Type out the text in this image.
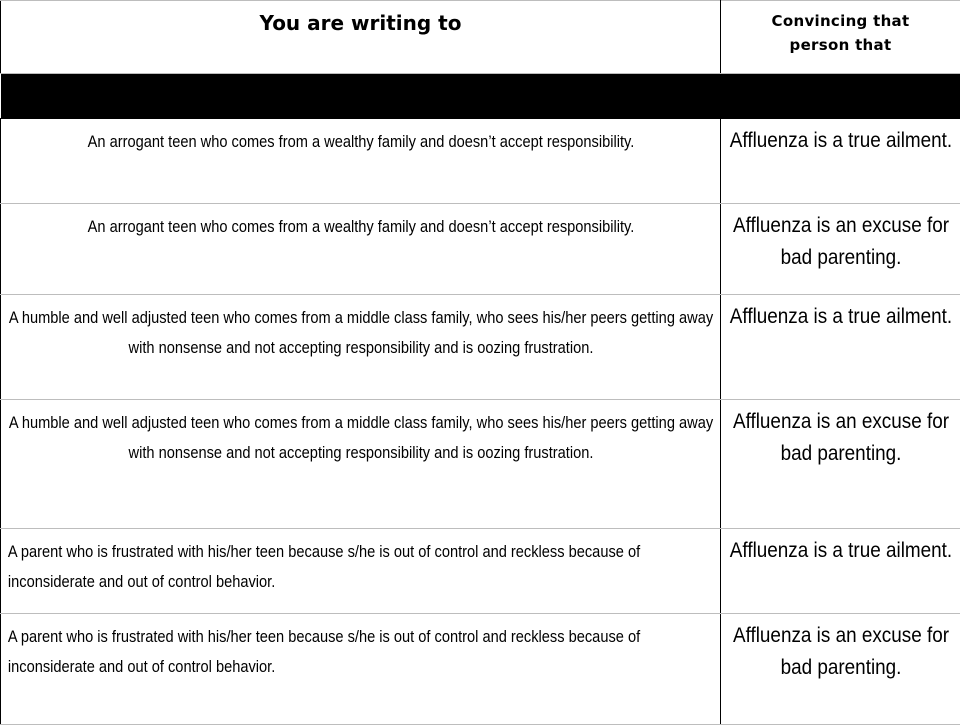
You are writing to	Convincing that person that

An arrogant teen who comes from a wealthy family and doesn’t accept responsibility.	Affluenza is a true ailment.

An arrogant teen who comes from a wealthy family and doesn’t accept responsibility.	Affluenza is an excuse for bad parenting.

A humble and well adjusted teen who comes from a middle class family, who sees his/her peers getting away with nonsense and not accepting responsibility and is oozing frustration.	Affluenza is a true ailment.

A humble and well adjusted teen who comes from a middle class family, who sees his/her peers getting away with nonsense and not accepting responsibility and is oozing frustration.	Affluenza is an excuse for bad parenting.

A parent who is frustrated with his/her teen because s/he is out of control and reckless because of inconsiderate and out of control behavior.	Affluenza is a true ailment.

A parent who is frustrated with his/her teen because s/he is out of control and reckless because of inconsiderate and out of control behavior.	Affluenza is an excuse for bad parenting.
